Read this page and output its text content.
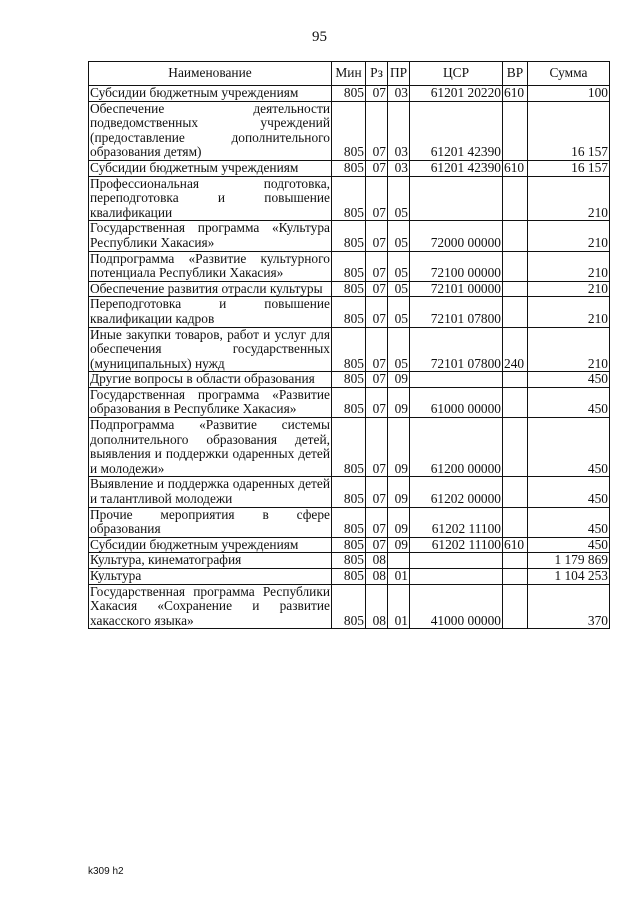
95
Наименование	Мин	Рз	ПР	ЦСР	ВР	Сумма
Субсидии бюджетным учреждениям	805	07	03	61201 20220	610	100
Обеспечение деятельности подведомственных учреждений (предоставление дополнительного образования детям)	805	07	03	61201 42390		16 157
Субсидии бюджетным учреждениям	805	07	03	61201 42390	610	16 157
Профессиональная подготовка, переподготовка и повышение квалификации	805	07	05			210
Государственная программа «Культура Республики Хакасия»	805	07	05	72000 00000		210
Подпрограмма «Развитие культурного потенциала Республики Хакасия»	805	07	05	72100 00000		210
Обеспечение развития отрасли культуры	805	07	05	72101 00000		210
Переподготовка и повышение квалификации кадров	805	07	05	72101 07800		210
Иные закупки товаров, работ и услуг для обеспечения государственных (муниципальных) нужд	805	07	05	72101 07800	240	210
Другие вопросы в области образования	805	07	09			450
Государственная программа «Развитие образования в Республике Хакасия»	805	07	09	61000 00000		450
Подпрограмма «Развитие системы дополнительного образования детей, выявления и поддержки одаренных детей и молодежи»	805	07	09	61200 00000		450
Выявление и поддержка одаренных детей и талантливой молодежи	805	07	09	61202 00000		450
Прочие мероприятия в сфере образования	805	07	09	61202 11100		450
Субсидии бюджетным учреждениям	805	07	09	61202 11100	610	450
Культура, кинематография	805	08				1 179 869
Культура	805	08	01			1 104 253
Государственная программа Республики Хакасия «Сохранение и развитие хакасского языка»	805	08	01	41000 00000		370
k309 h2
